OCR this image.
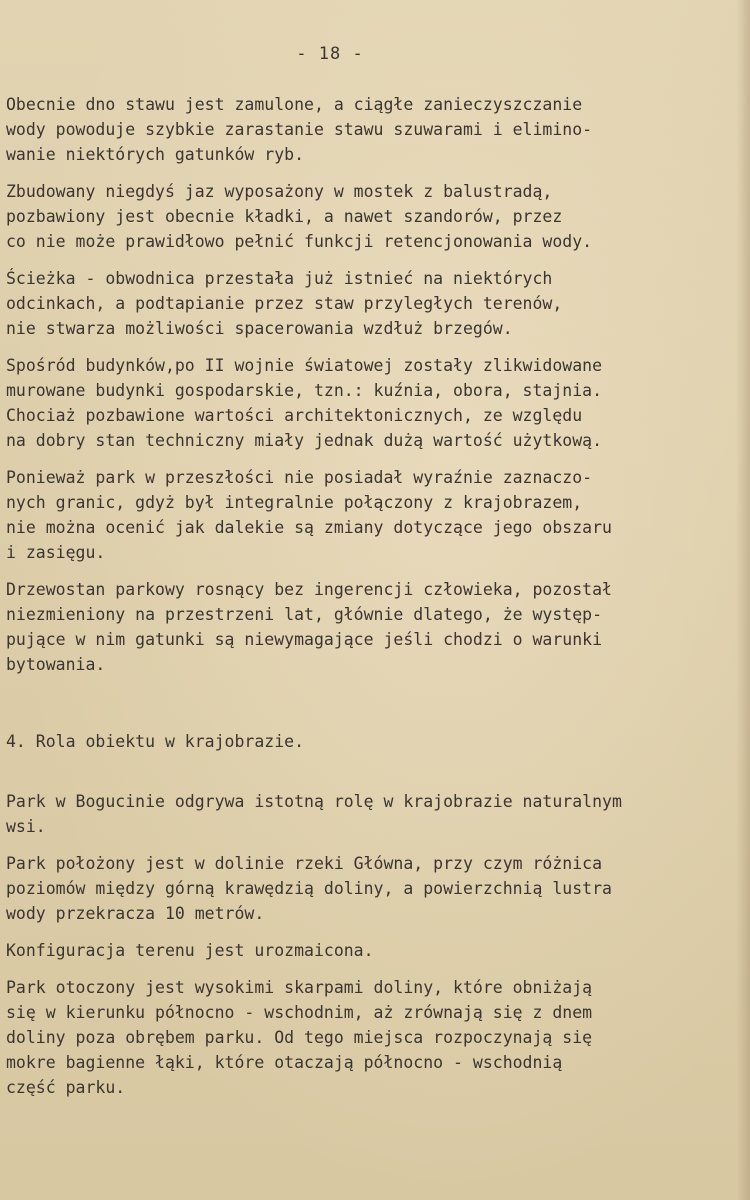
- 18 -
Obecnie dno stawu jest zamulone, a ciągłe zanieczyszczanie
wody powoduje szybkie zarastanie stawu szuwarami i elimino-
wanie niektórych gatunków ryb.
Zbudowany niegdyś jaz wyposażony w mostek z balustradą,
pozbawiony jest obecnie kładki, a nawet szandorów, przez
co nie może prawidłowo pełnić funkcji retencjonowania wody.
Ścieżka - obwodnica przestała już istnieć na niektórych
odcinkach, a podtapianie przez staw przyległych terenów,
nie stwarza możliwości spacerowania wzdłuż brzegów.
Spośród budynków,po II wojnie światowej zostały zlikwidowane
murowane budynki gospodarskie, tzn.: kuźnia, obora, stajnia.
Chociaż pozbawione wartości architektonicznych, ze względu
na dobry stan techniczny miały jednak dużą wartość użytkową.
Ponieważ park w przeszłości nie posiadał wyraźnie zaznaczo-
nych granic, gdyż był integralnie połączony z krajobrazem,
nie można ocenić jak dalekie są zmiany dotyczące jego obszaru
i zasięgu.
Drzewostan parkowy rosnący bez ingerencji człowieka, pozostał
niezmieniony na przestrzeni lat, głównie dlatego, że występ-
pujące w nim gatunki są niewymagające jeśli chodzi o warunki
bytowania.
4. Rola obiektu w krajobrazie.
Park w Bogucinie odgrywa istotną rolę w krajobrazie naturalnym
wsi.
Park położony jest w dolinie rzeki Główna, przy czym różnica
poziomów między górną krawędzią doliny, a powierzchnią lustra
wody przekracza 10 metrów.
Konfiguracja terenu jest urozmaicona.
Park otoczony jest wysokimi skarpami doliny, które obniżają
się w kierunku północno - wschodnim, aż zrównają się z dnem
doliny poza obrębem parku. Od tego miejsca rozpoczynają się
mokre bagienne łąki, które otaczają północno - wschodnią
część parku.
